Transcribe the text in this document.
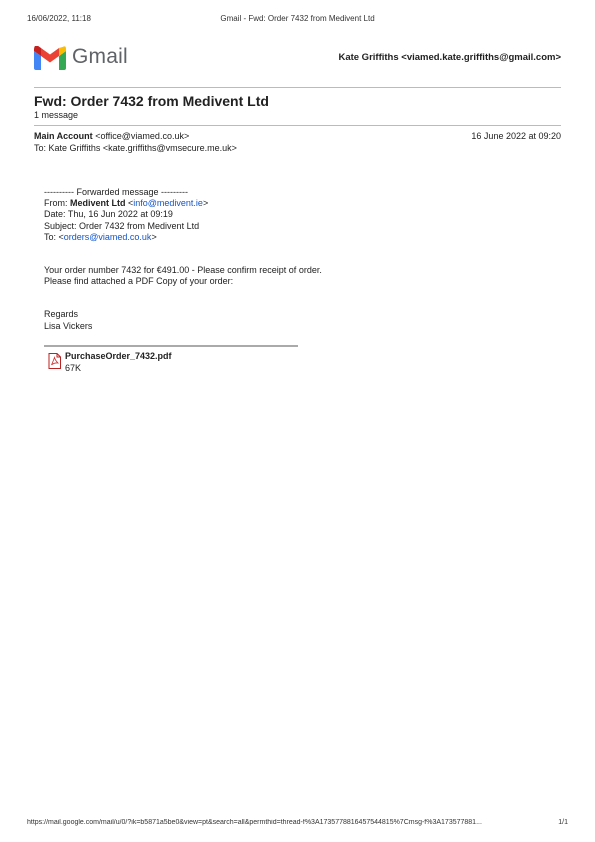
16/06/2022, 11:18	Gmail - Fwd: Order 7432 from Medivent Ltd
Gmail	Kate Griffiths <viamed.kate.griffiths@gmail.com>
Fwd: Order 7432 from Medivent Ltd
1 message
Main Account <office@viamed.co.uk>	16 June 2022 at 09:20
To: Kate Griffiths <kate.griffiths@vmsecure.me.uk>
---------- Forwarded message ---------
From: Medivent Ltd <info@medivent.ie>
Date: Thu, 16 Jun 2022 at 09:19
Subject: Order 7432 from Medivent Ltd
To: <orders@viamed.co.uk>
Your order number 7432 for €491.00 - Please confirm receipt of order.
Please find attached a PDF Copy of your order:
Regards
Lisa Vickers
PurchaseOrder_7432.pdf
67K
https://mail.google.com/mail/u/0/?ik=b5871a5be0&view=pt&search=all&permthid=thread-f%3A1735778816457544815%7Cmsg-f%3A173577881...	1/1
